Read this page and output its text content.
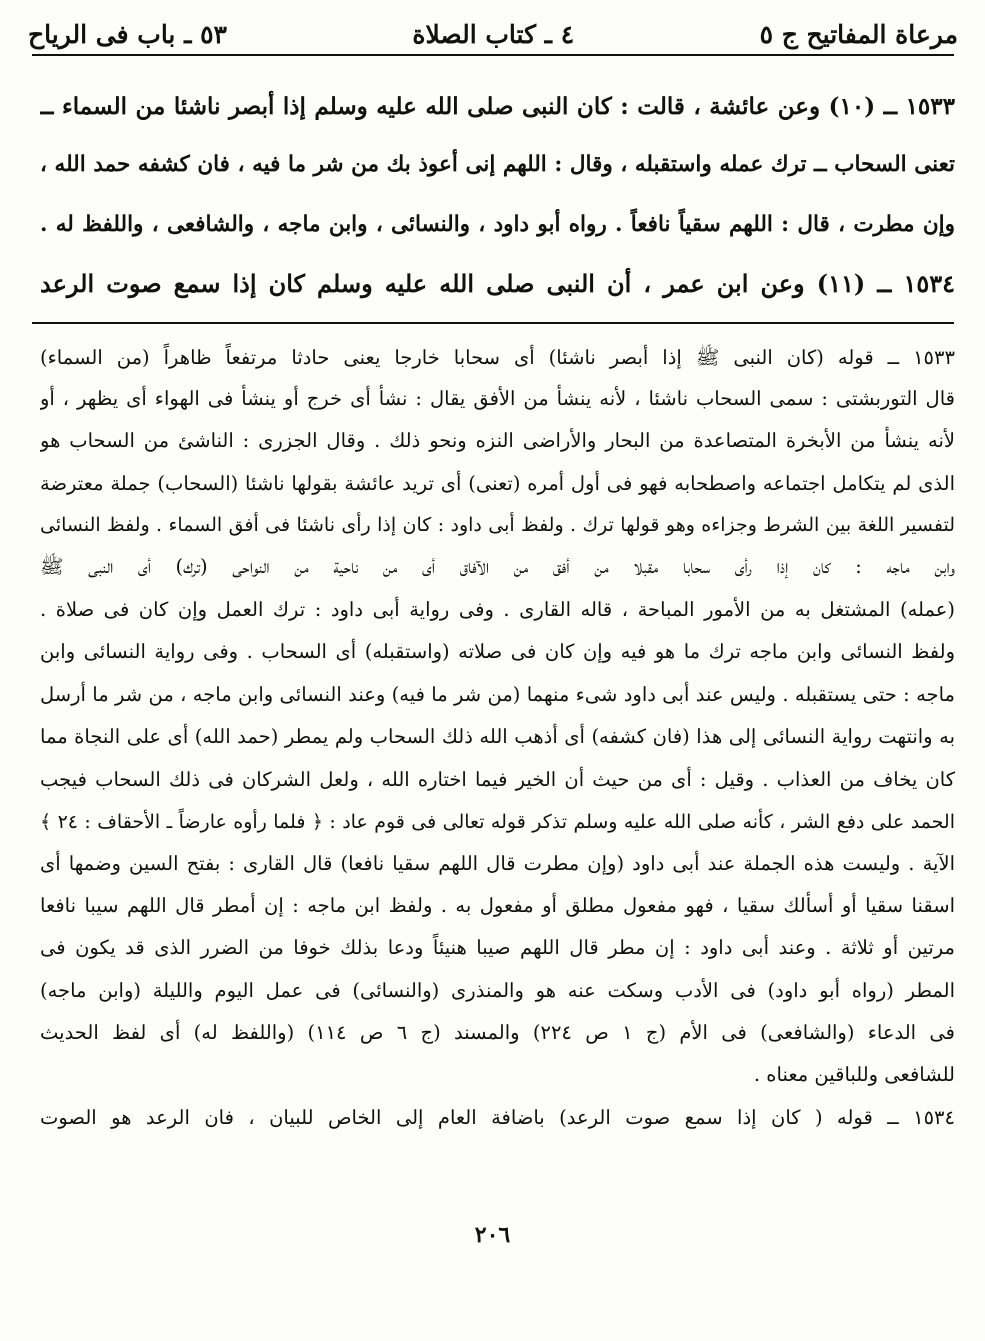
مرعاة المفاتيح ج ٥
٤ ـ كتاب الصلاة
٥٣ ـ باب فى الرياح
١٥٣٣ ــ (١٠) وعن عائشة ، قالت : كان النبى صلى الله عليه وسلم إذا أبصر ناشئا من السماء ــ
تعنى السحاب ــ ترك عمله واستقبله ، وقال : اللهم إنى أعوذ بك من شر ما فيه ، فان كشفه حمد الله ،
وإن مطرت ، قال : اللهم سقياً نافعاً . رواه أبو داود ، والنسائى ، وابن ماجه ، والشافعى ، واللفظ له .
١٥٣٤ ــ (١١) وعن ابن عمر ، أن النبى صلى الله عليه وسلم كان إذا سمع صوت الرعد
١٥٣٣ ــ قوله (كان النبى ﷺ إذا أبصر ناشئا) أى سحابا خارجا يعنى حادثا مرتفعاً ظاهراً (من السماء)
قال التوربشتى : سمى السحاب ناشئا ، لأنه ينشأ من الأفق يقال : نشأ أى خرج أو ينشأ فى الهواء أى يظهر ، أو
لأنه ينشأ من الأبخرة المتصاعدة من البحار والأراضى النزه ونحو ذلك . وقال الجزرى : الناشئ من السحاب هو
الذى لم يتكامل اجتماعه واصطحابه فهو فى أول أمره (تعنى) أى تريد عائشة بقولها ناشئا (السحاب) جملة معترضة
لتفسير اللغة بين الشرط وجزاءه وهو قولها ترك . ولفظ أبى داود : كان إذا رأى ناشئا فى أفق السماء . ولفظ النسائى
وابن ماجه : كان إذا رأى سحابا مقبلا من أفق من الآفاق أى من ناحية من النواحى (ترك) أى النبى ﷺ
(عمله) المشتغل به من الأمور المباحة ، قاله القارى . وفى رواية أبى داود : ترك العمل وإن كان فى صلاة .
ولفظ النسائى وابن ماجه ترك ما هو فيه وإن كان فى صلاته (واستقبله) أى السحاب . وفى رواية النسائى وابن
ماجه : حتى يستقبله . وليس عند أبى داود شىء منهما (من شر ما فيه) وعند النسائى وابن ماجه ، من شر ما أرسل
به وانتهت رواية النسائى إلى هذا (فان كشفه) أى أذهب الله ذلك السحاب ولم يمطر (حمد الله) أى على النجاة مما
كان يخاف من العذاب . وقيل : أى من حيث أن الخير فيما اختاره الله ، ولعل الشركان فى ذلك السحاب فيجب
الحمد على دفع الشر ، كأنه صلى الله عليه وسلم تذكر قوله تعالى فى قوم عاد : ﴿ فلما رأوه عارضاً ـ الأحقاف : ٢٤ ﴾
الآية . وليست هذه الجملة عند أبى داود (وإن مطرت قال اللهم سقيا نافعا) قال القارى : بفتح السين وضمها أى
اسقنا سقيا أو أسألك سقيا ، فهو مفعول مطلق أو مفعول به . ولفظ ابن ماجه : إن أمطر قال اللهم سيبا نافعا
مرتين أو ثلاثة . وعند أبى داود : إن مطر قال اللهم صيبا هنيئاً ودعا بذلك خوفا من الضرر الذى قد يكون فى
المطر (رواه أبو داود) فى الأدب وسكت عنه هو والمنذرى (والنسائى) فى عمل اليوم والليلة (وابن ماجه)
فى الدعاء (والشافعى) فى الأم (ج ١ ص ٢٢٤) والمسند (ج ٦ ص ١١٤) (واللفظ له) أى لفظ الحديث
للشافعى وللباقين معناه .
١٥٣٤ ــ قوله ( كان إذا سمع صوت الرعد) باضافة العام إلى الخاص للبيان ، فان الرعد هو الصوت
٢٠٦
